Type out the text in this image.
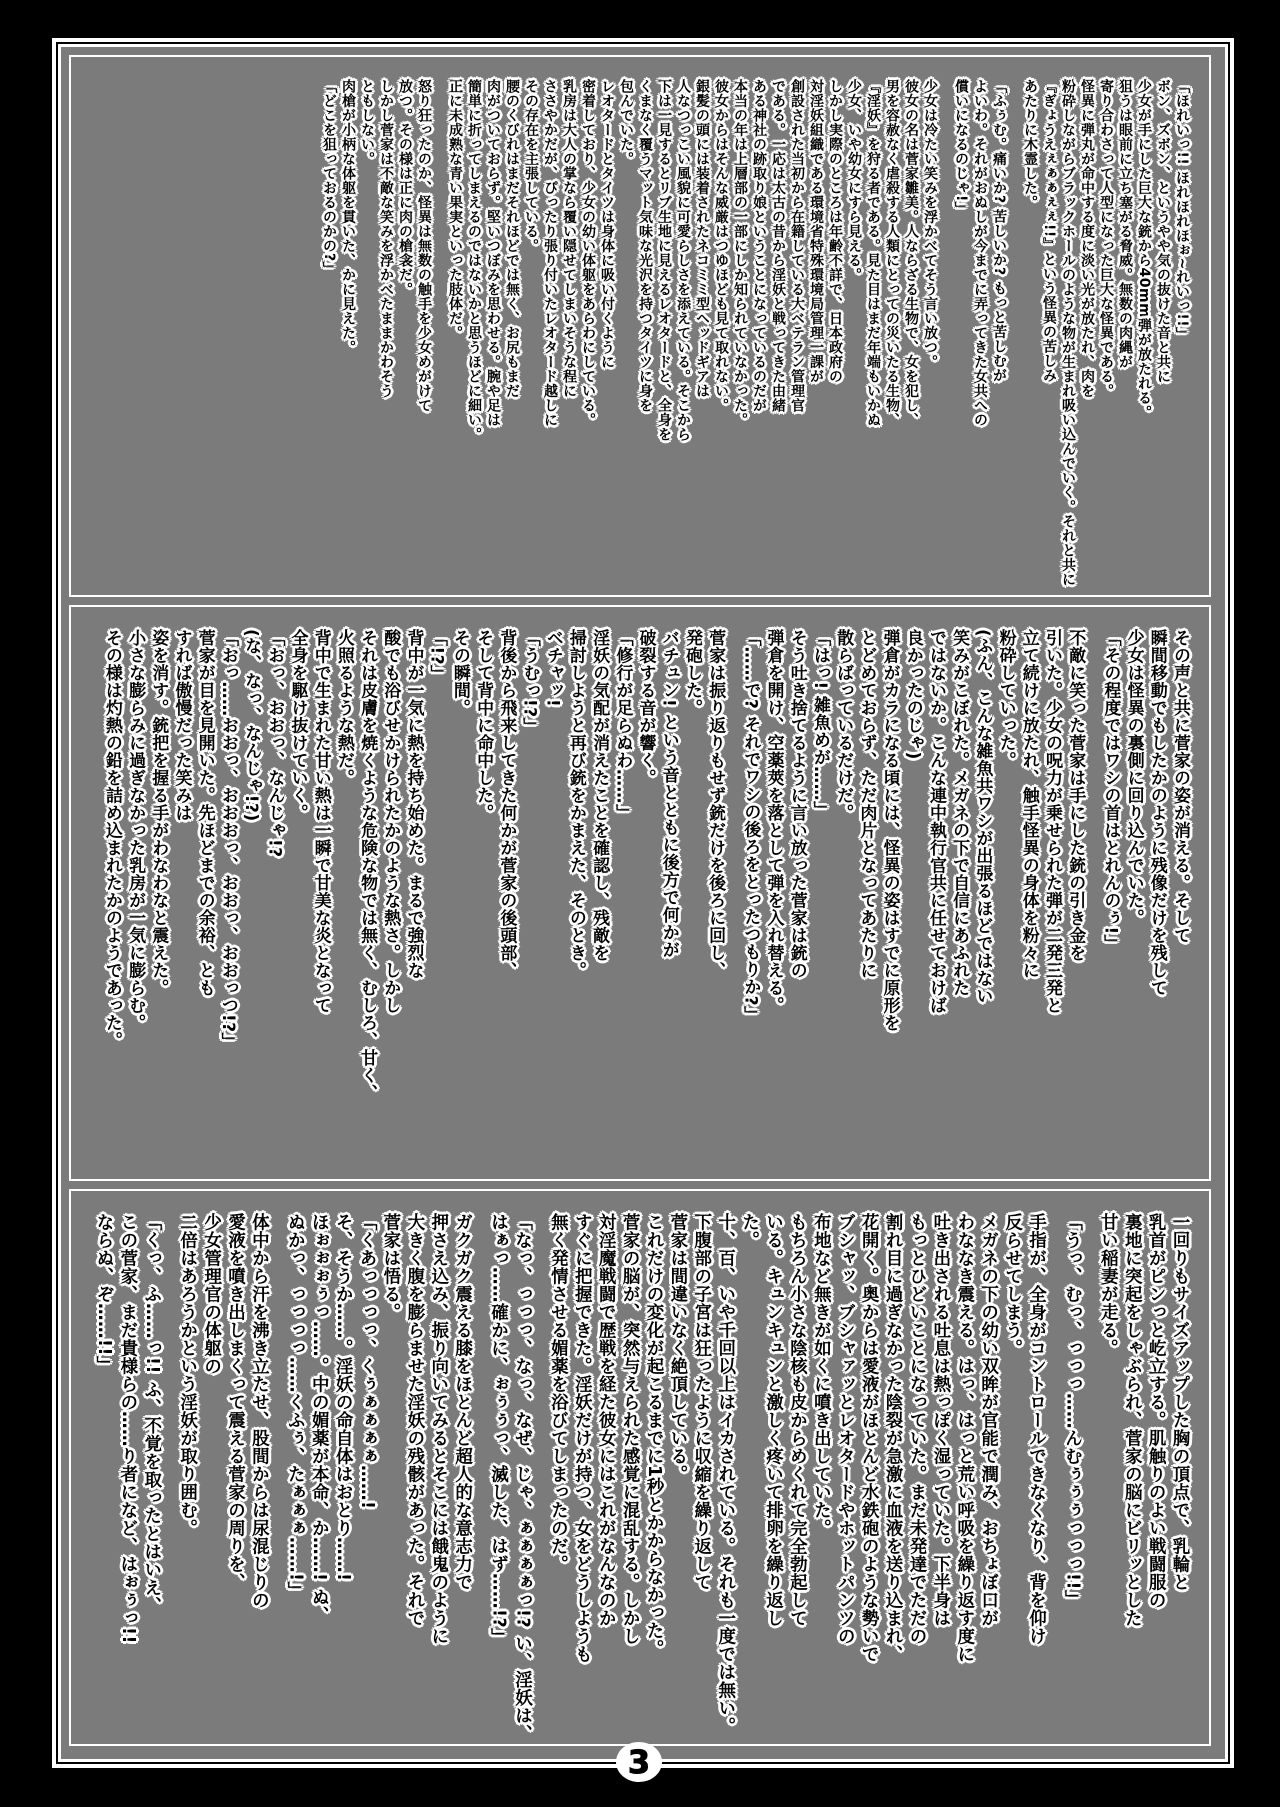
「ほれいっ!! ほれほれほぉ~れいっ!!」
ボン、ズボン、というやや気の抜けた音と共に
少女が手にした巨大な銃から40mm弾が放たれる。
狙うは眼前に立ち塞がる脅威。無数の肉縄が
寄り合わさって人型になった巨大な怪異である。
怪異に弾丸が命中する度に淡い光が放たれ、肉を
粉砕しながらブラックホールのような物が生まれ吸い込んでいく。それと共に
『ぎょうえぇぁぁぇぇ!!』という怪異の苦しみ
あたりに木霊した。
「ふぅむ。痛いか? 苦しいか? もっと苦しむが
よいわ。それがおぬしが今までに弄ってきた女共への
償いになるのじゃ!」
少女は冷たい笑みを浮かべてそう言い放つ。
彼女の名は菅家雛美。人ならざる生物で、女を犯し、
男を容赦なく虐殺する人類にとっての災いたる生物、
『淫妖』を狩る者である。見た目はまだ年端もいかぬ
少女、いや幼女にすら見える。
しかし実際のところは年齢不詳で、日本政府の
対淫妖組織である環境省特殊環境局管理一課が
創設された当初から在籍している大ベテラン管理官
である。一応は太古の昔から淫妖と戦ってきた由緒
ある神社の跡取り娘ということになっているのだが
本当の年は上層部の一部にしか知られていなかった。
彼女からはそんな威厳はつゆほども見て取れない。
銀髪の頭には装着されたネコミミ型ヘッドギアは
人なつっこい風貌に可愛らしさを添えている。そこから
下は一見するとリブ生地に見えるレオタードと、全身を
くまなく覆うマット気味な光沢を持つタイツに身を
包んでいた。
レオタードとタイツは身体に吸い付くように
密着しており、少女の幼い体躯をあらわにしている。
乳房は大人の掌なら覆い隠せてしまいそうな程に
ささやかだが、ぴったり張り付いたレオタード越しに
その存在を主張している。
腰のくびれはまだそれほどでは無く、お尻もまだ
肉がついておらず。堅いつぼみを思わせる。腕や足は
簡単に折ってしまえるのではないかと思うほどに細い。
正に未成熟な青い果実といった肢体だ。
怒り狂ったのか、怪異は無数の触手を少女めがけて
放つ。その様は正に肉の槍衾だ。
しかし菅家は不敵な笑みを浮かべたままかわそう
ともしない。
肉槍が小柄な体躯を貫いた、かに見えた。
「どこを狙っておるのかの?」
その声と共に菅家の姿が消える。そして
瞬間移動でもしたかのように残像だけを残して
少女は怪異の裏側に回り込んでいた。
「その程度ではワシの首はとれんのぅ!」
不敵に笑った菅家は手にした銃の引き金を
引いた。少女の呪力が乗せられた弾が二発三発と
立て続けに放たれ、触手怪異の身体を粉々に
粉砕していった。
(ふん、こんな雑魚共ワシが出張るほどではない
笑みがこぼれた。メガネの下で自信にあふれた
ではないか。こんな連中執行官共に任せておけば
良かったのじゃ)
弾倉がカラになる頃には、怪異の姿はすでに原形を
とどめておらず、ただ肉片となってあたりに
散らばっているだけだ。
「はっ! 雑魚めが……」
そう吐き捨てるように言い放った菅家は銃の
弾倉を開け、空薬莢を落として弾を入れ替える。
「……で? それでワシの後ろをとったつもりか?」
菅家は振り返りもせず銃だけを後ろに回し、
発砲した。
バチュン! という音とともに後方で何かが
破裂する音が響く。
「修行が足らぬわ……」
淫妖の気配が消えたことを確認し、残敵を
掃討しようと再び銃をかまえた、そのとき。
ベチャッ!
「うむっ!?」
背後から飛来してきた何かが菅家の後頭部、
そして背中に命中した。
その瞬間。
「!?」
背中が一気に熱を持ち始めた。まるで強烈な
酸でも浴びせかけられたかのような熱さ。しかし
それは皮膚を焼くような危険な物では無く、むしろ、甘く、
火照るような熱だ。
背中で生まれた甘い熱は一瞬で甘美な炎となって
全身を駆け抜けていく。
「おっ、おおっ、なんじゃ!?
(な、なっ、なんじゃ!?)
「おっ……おおっ、おおおっ、おおっ、おおっつ!?」
菅家が目を見開いた。先ほどまでの余裕、とも
すれば傲慢だった笑みは
姿を消す。銃把を握る手がわなわなと震えた。
小さな膨らみに過ぎなかった乳房が一気に膨らむ。
その様は灼熱の鉛を詰め込まれたかのようであった。
一回りもサイズアップした胸の頂点で、乳輪と
乳首がピンっと屹立する。肌触りのよい戦闘服の
裏地に突起をしゃぶられ、菅家の脳にビリッとした
甘い稲妻が走る。
「うっ、むっ、っっっ……んむぅぅぅっっっ!!」
手指が、全身がコントロールできなくなり、背を仰け
反らせてしまう。
メガネの下の幼い双眸が官能で潤み、おちょぼ口が
わななき震える。はっ、はっと荒い呼吸を繰り返す度に
吐き出される吐息は熱っぽく湿っていた。下半身は
もっとひどいことになっていた。まだ未発達でただの
割れ目に過ぎなかった陰裂が急激に血液を送り込まれ、
花開く。奥からは愛液がほとんど水鉄砲のような勢いで
ブシャッ、ブシャァッとレオタードやホットパンツの
布地など無きが如くに噴き出していた。
もちろん小さな陰核も皮からめくれて完全勃起して
いる。キュンキュンと激しく疼いて排卵を繰り返し
た。
十、百、いや千回以上はイカされている。それも一度では無い。
下腹部の子宮は狂ったように収縮を繰り返して
菅家は間違いなく絶頂している。
これだけの変化が起こるまでに1秒とかからなかった。
菅家の脳が、突然与えられた感覚に混乱する。しかし
対淫魔戦闘で歴戦を経た彼女にはこれがなんなのか
すぐに把握できた。淫妖だけが持つ、女をどうしようも
無く発情させる媚薬を浴びてしまったのだ。
「なっ、っっっ、なっ、なぜ、じゃ、ぁぁぁぁっ!? い、淫妖は、
はぁっ……確かに、ぉぅぅっ、滅した、はず……!?」
ガクガク震える膝をほとんど超人的な意志力で
押さえ込み、振り向いてみるとそこには餓鬼のように
大きく腹を膨らませた淫妖の残骸があった。それで
菅家は悟る。
「くあっっっっ、くぅぁぁぁぁ……!
そ、そうか……。淫妖の命自体はおとり……!
ほぉぉぉぅっ……。中の媚薬が本命、か……! ぬ、
ぬかっ、っっっっ……くふぅ、たぁぁぁ……!」
体中から汗を沸き立たせ、股間からは尿混じりの
愛液を噴き出しまくって震える菅家の周りを、
少女管理官の体躯の
二倍はあろうかという淫妖が取り囲む。
「くっ、ふ……っ!! ふ、不覚を取ったとはいえ、
この菅家、まだ貴様らの……り者になど、はぉぅっ!!
ならぬ、ぞ……!!」
3
